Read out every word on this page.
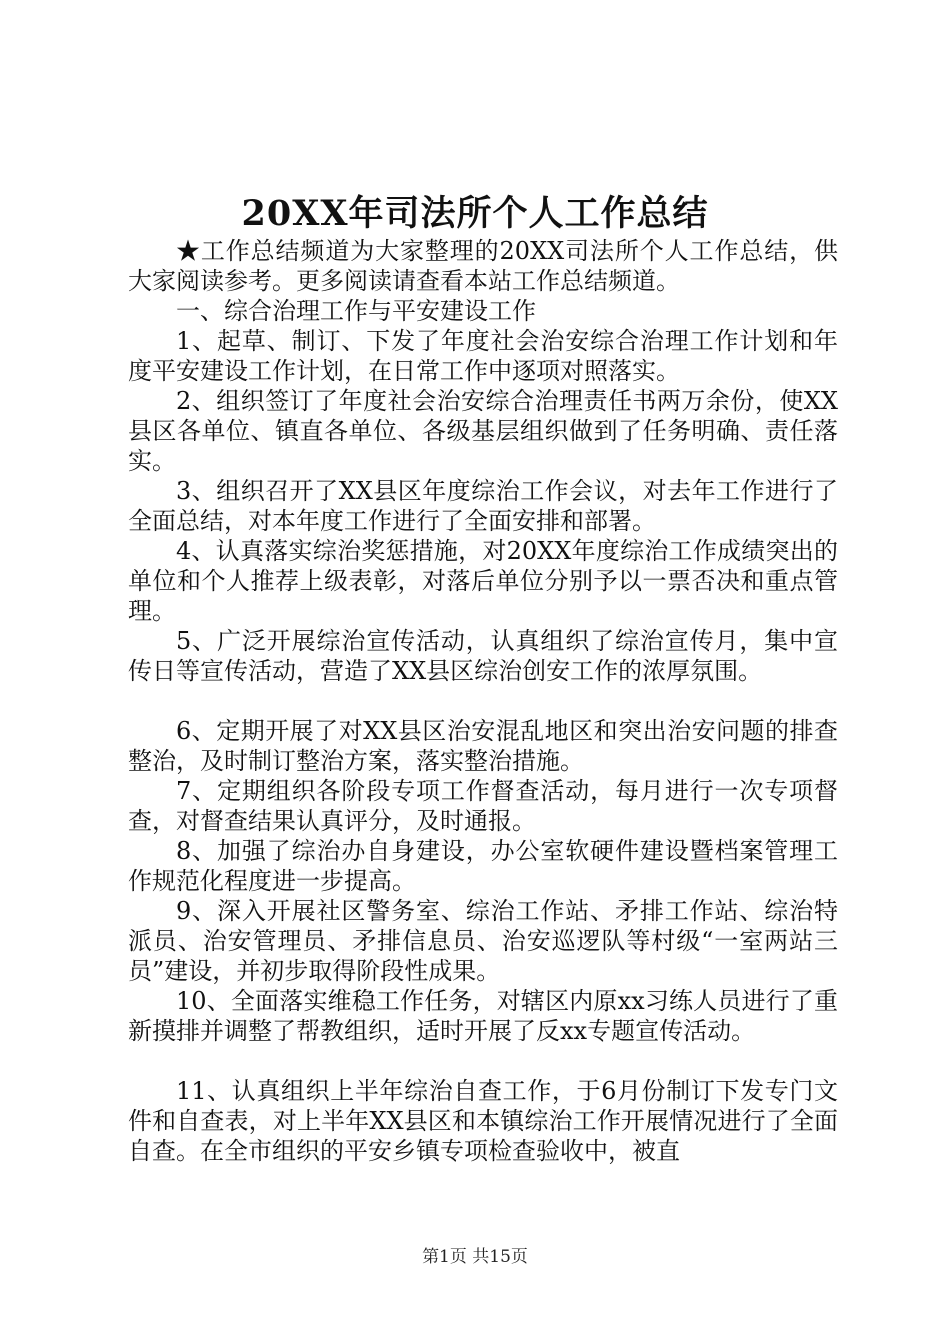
20XX年司法所个人工作总结

★工作总结频道为大家整理的20XX司法所个人工作总结，供大家阅读参考。更多阅读请查看本站工作总结频道。

一、综合治理工作与平安建设工作

1、起草、制订、下发了年度社会治安综合治理工作计划和年度平安建设工作计划，在日常工作中逐项对照落实。

2、组织签订了年度社会治安综合治理责任书两万余份，使XX县区各单位、镇直各单位、各级基层组织做到了任务明确、责任落实。

3、组织召开了XX县区年度综治工作会议，对去年工作进行了全面总结，对本年度工作进行了全面安排和部署。

4、认真落实综治奖惩措施，对20XX年度综治工作成绩突出的单位和个人推荐上级表彰，对落后单位分别予以一票否决和重点管理。

5、广泛开展综治宣传活动，认真组织了综治宣传月，集中宣传日等宣传活动，营造了XX县区综治创安工作的浓厚氛围。

6、定期开展了对XX县区治安混乱地区和突出治安问题的排查整治，及时制订整治方案，落实整治措施。

7、定期组织各阶段专项工作督查活动，每月进行一次专项督查，对督查结果认真评分，及时通报。

8、加强了综治办自身建设，办公室软硬件建设暨档案管理工作规范化程度进一步提高。

9、深入开展社区警务室、综治工作站、矛排工作站、综治特派员、治安管理员、矛排信息员、治安巡逻队等村级“一室两站三员”建设，并初步取得阶段性成果。

10、全面落实维稳工作任务，对辖区内原xx习练人员进行了重新摸排并调整了帮教组织，适时开展了反xx专题宣传活动。

11、认真组织上半年综治自查工作，于6月份制订下发专门文件和自查表，对上半年XX县区和本镇综治工作开展情况进行了全面自查。在全市组织的平安乡镇专项检查验收中，被直

第1页 共15页
